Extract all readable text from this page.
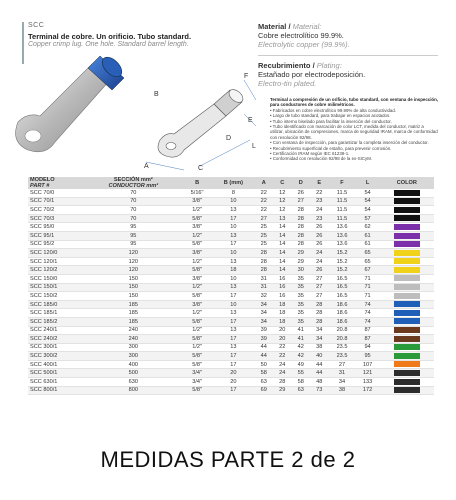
SCC
Terminal de cobre. Un orificio. Tubo standard.
Copper crimp lug. One hole. Standard barrel length.
Material / Material:
Cobre electrolítico 99.9%.
Electrolytic copper (99.9%).
Recubrimiento / Plating:
Estañado por electrodeposición.
Electro-tin plated.
Terminal a compresión de un orificio, tubo standard, con ventana de inspección, para conductores de cobre milimétricos.
• Fabricados en cobre electrolítico 99.99% de alta conductividad.
• Largo de tubo standard, para trabajar en espacios acotados.
• Tubo interno biselado para facilitar la inserción del conductor.
• Tubo identificado con marcación de color LCT, medida del conductor, matriz a utilizar, ubicación de compresiones, marca de seguridad IRAM, marca de conformidad con resolución 92/98.
• Con ventana de inspección, para garantizar la completa inserción del conductor.
• Recubrimiento superficial de estaño, para prevenir corrosión.
• Certificación IRAM según IEC 61238-1.
• Conformidad con resolución 92/98 de la ex-SICyM.
A
B
C
D
E
F
L
MODELO
PART #	SECCIÓN mm²
CONDUCTOR mm²	B	B (mm)	A	C	D	E	F	L	COLOR
SCC 70/0	70	5/16"	8	22	12	26	22	11.5	54	
SCC 70/1	70	3/8"	10	22	12	27	23	11.5	54	
SCC 70/2	70	1/2"	13	22	12	28	24	11.5	54	
SCC 70/3	70	5/8"	17	27	13	28	23	11.5	57	
SCC 95/0	95	3/8"	10	25	14	28	26	13.6	62	
SCC 95/1	95	1/2"	13	25	14	28	26	13.6	61	
SCC 95/2	95	5/8"	17	25	14	28	26	13.6	61	
SCC 120/0	120	3/8"	10	28	14	29	24	15.2	65	
SCC 120/1	120	1/2"	13	28	14	29	24	15.2	65	
SCC 120/2	120	5/8"	18	28	14	30	26	15.2	67	
SCC 150/0	150	3/8"	10	31	16	35	27	16.5	71	
SCC 150/1	150	1/2"	13	31	16	35	27	16.5	71	
SCC 150/2	150	5/8"	17	32	16	35	27	16.5	71	
SCC 185/0	185	3/8"	10	34	18	35	28	18.6	74	
SCC 185/1	185	1/2"	13	34	18	35	28	18.6	74	
SCC 185/2	185	5/8"	17	34	18	35	28	18.6	74	
SCC 240/1	240	1/2"	13	39	20	41	34	20.8	87	
SCC 240/2	240	5/8"	17	39	20	41	34	20.8	87	
SCC 300/1	300	1/2"	13	44	22	42	38	23.5	94	
SCC 300/2	300	5/8"	17	44	22	42	40	23.5	95	
SCC 400/1	400	5/8"	17	50	24	49	44	27	107	
SCC 500/1	500	3/4"	20	58	24	55	44	31	121	
SCC 630/1	630	3/4"	20	63	28	58	48	34	133	
SCC 800/1	800	5/8"	17	69	29	63	73	38	172	
MEDIDAS PARTE 2 de 2
